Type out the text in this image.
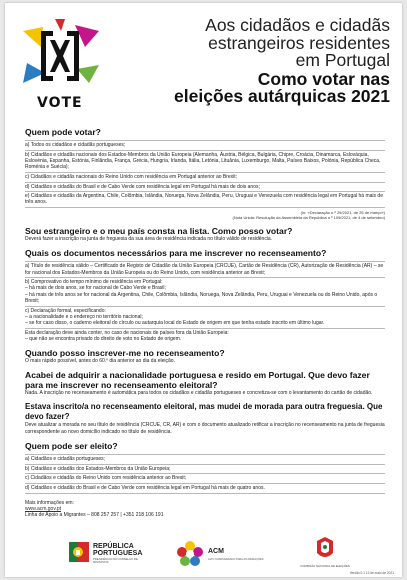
VOTE
Aos cidadãos e cidadãs
estrangeiros residentes
em Portugal
Como votar nas
eleições autárquicas 2021
Quem pode votar?
a) Todos os cidadãos e cidadãs portugueses;
b) Cidadãos e cidadãs nacionais dos Estados-Membros da União Europeia (Alemanha, Áustria, Bélgica, Bulgária, Chipre, Croácia, Dinamarca, Eslováquia, Eslovénia, Espanha, Estónia, Finlândia, França, Grécia, Hungria, Irlanda, Itália, Letónia, Lituânia, Luxemburgo, Malta, Países Baixos, Polónia, República Checa, Roménia e Suécia);
c) Cidadãos e cidadãs nacionais do Reino Unido com residência em Portugal anterior ao Brexit;
d) Cidadãos e cidadãs do Brasil e de Cabo Verde com residência legal em Portugal há mais de dois anos;
e) Cidadãos e cidadãs da Argentina, Chile, Colômbia, Islândia, Noruega, Nova Zelândia, Peru, Uruguai e Venezuela com residência legal em Portugal há mais de três anos.
(In: «Declaração n.º 29/2021, de 25 de março»)
(Nota Unida: Resolução da Assembleia da República n.º 109/2021, de 4 de setembro)
Sou estrangeiro e o meu país consta na lista. Como posso votar?

Deverá fazer a inscrição na junta de freguesia da sua área de residência indicada no título válido de residência.

Quais os documentos necessários para me inscrever no recenseamento?
a) Título de residência válido – Certificado de Registo de Cidadão da União Europeia (CRCUE), Cartão de Residência (CR), Autorização de Residência (AR) – se for nacional dos Estados-Membros da União Europeia ou do Reino Unido, com residência anterior ao Brexit;
b) Comprovativo do tempo mínimo de residência em Portugal:
– há mais de dois anos, se for nacional de Cabo Verde e Brasil;
– há mais de três anos se for nacional da Argentina, Chile, Colômbia, Islândia, Noruega, Nova Zelândia, Peru, Uruguai e Venezuela ou do Reino Unido, após o Brexit;
c) Declaração formal, especificando:
– a nacionalidade e o endereço no território nacional;
– se for caso disso, o caderno eleitoral do círculo ou autarquia local do Estado de origem em que tenha estado inscrito em último lugar.

Esta declaração deve ainda conter, no caso de nacionais de países fora da União Europeia:
– que não se encontra privado do direito de voto no Estado de origem.

Quando posso inscrever-me no recenseamento?

O mais rápido possível, antes do 60.º dia anterior ao dia da eleição.

Acabei de adquirir a nacionalidade portuguesa e resido em Portugal. Que devo fazer para me inscrever no recenseamento eleitoral?

Nada. A inscrição no recenseamento é automática para todos os cidadãos e cidadãs portugueses e concretiza-se com o levantamento do cartão de cidadão.

Estava inscrito/a no recenseamento eleitoral, mas mudei de morada para outra freguesia. Que devo fazer?

Deve atualizar a morada no seu título de residência (CRCUE, CR, AR) e com o documento atualizado retificar a inscrição no recenseamento na junta de freguesia correspondente ao novo domicílio indicado no título de residência.

Quem pode ser eleito?
a) Cidadãos e cidadãs portugueses;
b) Cidadãos e cidadãs dos Estados-Membros da União Europeia;
c) Cidadãos e cidadãs do Reino Unido com residência anterior ao Brexit;
d) Cidadãos e cidadãs do Brasil e de Cabo Verde com residência legal em Portugal há mais de quatro anos.
Mais informações em:
www.acm.gov.pt
Linha de Apoio a Migrantes – 808 257 257 | +351 218 106 191
REPÚBLICA
PORTUGUESA
PRESIDÊNCIA DO CONSELHO DE MINISTROS
ACM
ALTO COMISSARIADO PARA AS MIGRAÇÕES
COMISSÃO NACIONAL DE ELEIÇÕES
Versão 0.1 13 de maio de 2021
